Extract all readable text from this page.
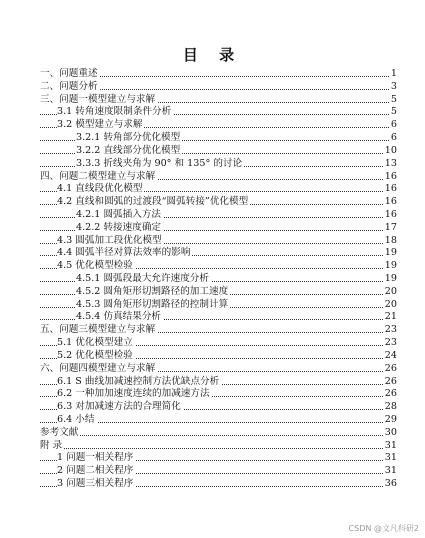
目 录
一、问题重述	1
二、问题分析	3
三、问题一模型建立与求解	5
3.1 转角速度限制条件分析	5
3.2 模型建立与求解	6
3.2.1 转角部分优化模型	6
3.2.2 直线部分优化模型	10
3.3.3 折线夹角为 90° 和 135° 的讨论	13
四、问题二模型建立与求解	16
4.1 直线段优化模型	16
4.2 直线和圆弧的过渡段“圆弧转接”优化模型	16
4.2.1 圆弧插入方法	16
4.2.2 转接速度确定	17
4.3 圆弧加工段优化模型	18
4.4 圆弧半径对算法效率的影响	19
4.5 优化模型检验	19
4.5.1 圆弧段最大允许速度分析	19
4.5.2 圆角矩形切割路径的加工速度	20
4.5.3 圆角矩形切割路径的控制计算	20
4.5.4 仿真结果分析	21
五、问题三模型建立与求解	23
5.1 优化模型建立	23
5.2 优化模型检验	24
六、问题四模型建立与求解	26
6.1 S 曲线加减速控制方法优缺点分析	26
6.2 一种加加速度连续的加减速方法	26
6.3 对加减速方法的合理简化	28
6.4 小结	29
参考文献	30
附 录	31
1 问题一相关程序	31
2 问题二相关程序	31
3 问题三相关程序	36
CSDN @文凡科研2
